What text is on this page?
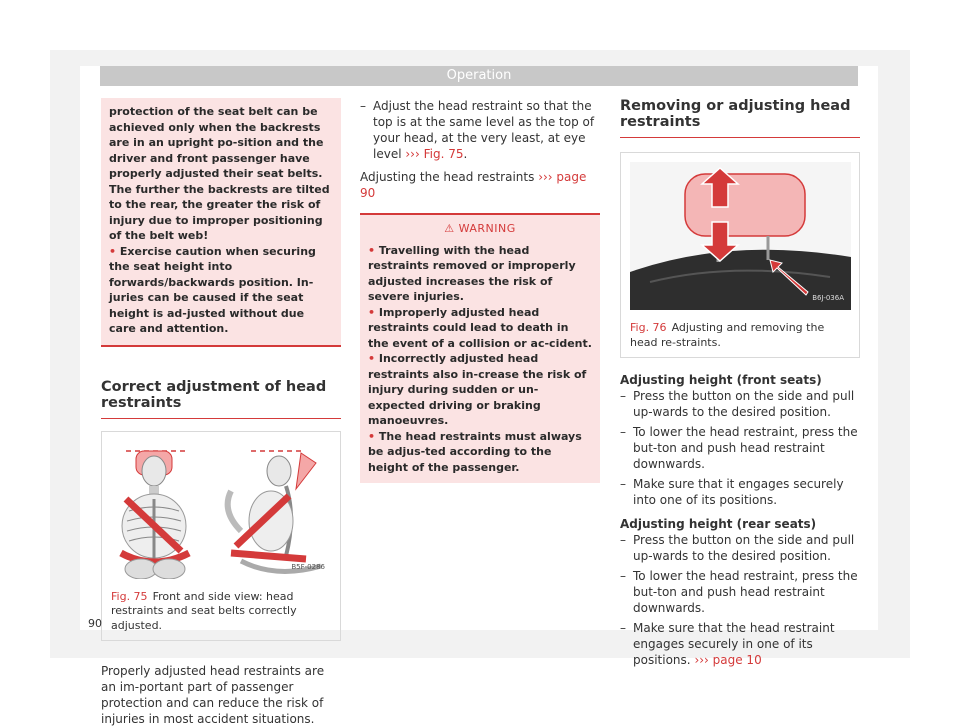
Operation

protection of the seat belt can be achieved only when the backrests are in an upright po-sition and the driver and front passenger have properly adjusted their seat belts. The further the backrests are tilted to the rear, the greater the risk of injury due to improper positioning of the belt web!

• Exercise caution when securing the seat height into forwards/backwards position. In-juries can be caused if the seat height is ad-justed without due care and attention.

Correct adjustment of head restraints
B5F-0286
Fig. 75 Front and side view: head restraints and seat belts correctly adjusted.

Properly adjusted head restraints are an im-portant part of passenger protection and can reduce the risk of injuries in most accident situations.

– Adjust the head restraint so that the top is at the same level as the top of your head, at the very least, at eye level ››› Fig. 75.

Adjusting the head restraints ››› page 90

⚠ WARNING

• Travelling with the head restraints removed or improperly adjusted increases the risk of severe injuries.

• Improperly adjusted head restraints could lead to death in the event of a collision or ac-cident.

• Incorrectly adjusted head restraints also in-crease the risk of injury during sudden or un-expected driving or braking manoeuvres.

• The head restraints must always be adjus-ted according to the height of the passenger.

Removing or adjusting head restraints
B6J-036A
Fig. 76 Adjusting and removing the head re-straints.

Adjusting height (front seats)

– Press the button on the side and pull up-wards to the desired position.
– To lower the head restraint, press the but-ton and push head restraint downwards.
– Make sure that it engages securely into one of its positions.

Adjusting height (rear seats)

– Press the button on the side and pull up-wards to the desired position.
– To lower the head restraint, press the but-ton and push head restraint downwards.
– Make sure that the head restraint engages securely in one of its positions. ››› page 10
90
